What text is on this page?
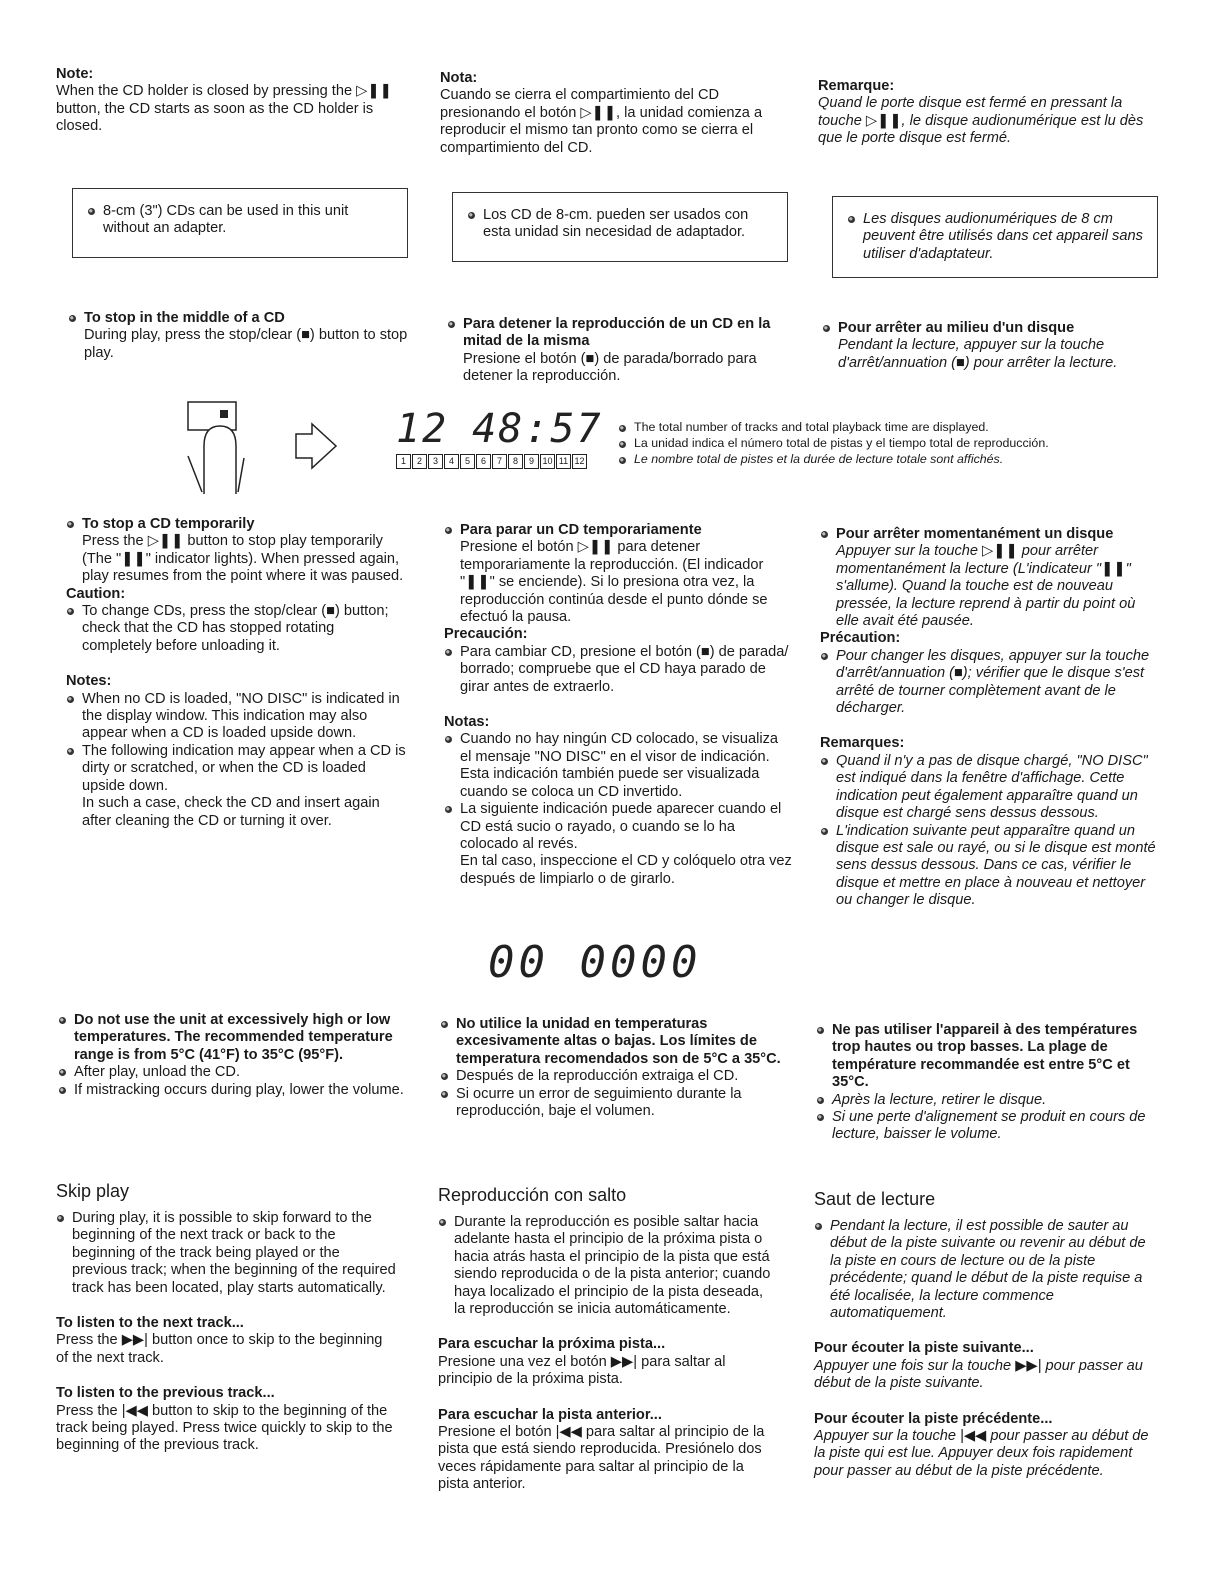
Note:

When the CD holder is closed by pressing the ▷❚❚ button, the CD starts as soon as the CD holder is closed.

Nota:

Cuando se cierra el compartimiento del CD presionando el botón ▷❚❚, la unidad comienza a reproducir el mismo tan pronto como se cierra el compartimiento del CD.

Remarque:

Quand le porte disque est fermé en pressant la touche ▷❚❚, le disque audionumérique est lu dès que le porte disque est fermé.

8-cm (3") CDs can be used in this unit without an adapter.

Los CD de 8-cm. pueden ser usados con esta unidad sin necesidad de adaptador.

Les disques audionumériques de 8 cm peuvent être utilisés dans cet appareil sans utiliser d'adaptateur.

To stop in the middle of a CD

During play, press the stop/clear (■) button to stop play.

Para detener la reproducción de un CD en la mitad de la misma

Presione el botón (■) de parada/borrado para detener la reproducción.

Pour arrêter au milieu d'un disque

Pendant la lecture, appuyer sur la touche d'arrêt/annuation (■) pour arrêter la lecture.

12 48:57
1	2	3	4	5	6	7	8	9 10 11 12

The total number of tracks and total playback time are displayed.

La unidad indica el número total de pistas y el tiempo total de reproducción.

Le nombre total de pistes et la durée de lecture totale sont affichés.

To stop a CD temporarily

Press the ▷❚❚ button to stop play temporarily (The "❚❚" indicator lights). When pressed again, play resumes from the point where it was paused.

Caution:

To change CDs, press the stop/clear (■) button; check that the CD has stopped rotating completely before unloading it.

Notes:

When no CD is loaded, "NO DISC" is indicated in the display window. This indication may also appear when a CD is loaded upside down.

The following indication may appear when a CD is dirty or scratched, or when the CD is loaded upside down.

In such a case, check the CD and insert again after cleaning the CD or turning it over.

Para parar un CD temporariamente

Presione el botón ▷❚❚ para detener temporariamente la reproducción. (El indicador "❚❚" se enciende). Si lo presiona otra vez, la reproducción continúa desde el punto dónde se efectuó la pausa.

Precaución:

Para cambiar CD, presione el botón (■) de parada/ borrado; compruebe que el CD haya parado de girar antes de extraerlo.

Notas:

Cuando no hay ningún CD colocado, se visualiza el mensaje "NO DISC" en el visor de indicación. Esta indicación también puede ser visualizada cuando se coloca un CD invertido.

La siguiente indicación puede aparecer cuando el CD está sucio o rayado, o cuando se lo ha colocado al revés.

En tal caso, inspeccione el CD y colóquelo otra vez después de limpiarlo o de girarlo.

Pour arrêter momentanément un disque

Appuyer sur la touche ▷❚❚ pour arrêter momentanément la lecture (L'indicateur "❚❚" s'allume). Quand la touche est de nouveau pressée, la lecture reprend à partir du point où elle avait été pausée.

Précaution:

Pour changer les disques, appuyer sur la touche d'arrêt/annuation (■); vérifier que le disque s'est arrêté de tourner complètement avant de le décharger.

Remarques:

Quand il n'y a pas de disque chargé, "NO DISC" est indiqué dans la fenêtre d'affichage. Cette indication peut également apparaître quand un disque est chargé sens dessus dessous.

L'indication suivante peut apparaître quand un disque est sale ou rayé, ou si le disque est monté sens dessus dessous. Dans ce cas, vérifier le disque et mettre en place à nouveau et nettoyer ou changer le disque.

00 0000

Do not use the unit at excessively high or low temperatures. The recommended temperature range is from 5°C (41°F) to 35°C (95°F).

After play, unload the CD.

If mistracking occurs during play, lower the volume.

No utilice la unidad en temperaturas excesivamente altas o bajas. Los límites de temperatura recomendados son de 5°C a 35°C.

Después de la reproducción extraiga el CD.

Si ocurre un error de seguimiento durante la reproducción, baje el volumen.

Ne pas utiliser l'appareil à des températures trop hautes ou trop basses. La plage de température recommandée est entre 5°C et 35°C.

Après la lecture, retirer le disque.

Si une perte d'alignement se produit en cours de lecture, baisser le volume.

Skip play

During play, it is possible to skip forward to the beginning of the next track or back to the beginning of the track being played or the previous track; when the beginning of the required track has been located, play starts automatically.

To listen to the next track...

Press the ▶▶| button once to skip to the beginning of the next track.

To listen to the previous track...

Press the |◀◀ button to skip to the beginning of the track being played. Press twice quickly to skip to the beginning of the previous track.

Reproducción con salto

Durante la reproducción es posible saltar hacia adelante hasta el principio de la próxima pista o hacia atrás hasta el principio de la pista que está siendo reproducida o de la pista anterior; cuando haya localizado el principio de la pista deseada, la reproducción se inicia automáticamente.

Para escuchar la próxima pista...

Presione una vez el botón ▶▶| para saltar al principio de la próxima pista.

Para escuchar la pista anterior...

Presione el botón |◀◀ para saltar al principio de la pista que está siendo reproducida. Presiónelo dos veces rápidamente para saltar al principio de la pista anterior.

Saut de lecture

Pendant la lecture, il est possible de sauter au début de la piste suivante ou revenir au début de la piste en cours de lecture ou de la piste précédente; quand le début de la piste requise a été localisée, la lecture commence automatiquement.

Pour écouter la piste suivante...

Appuyer une fois sur la touche ▶▶| pour passer au début de la piste suivante.

Pour écouter la piste précédente...

Appuyer sur la touche |◀◀ pour passer au début de la piste qui est lue. Appuyer deux fois rapidement pour passer au début de la piste précédente.
